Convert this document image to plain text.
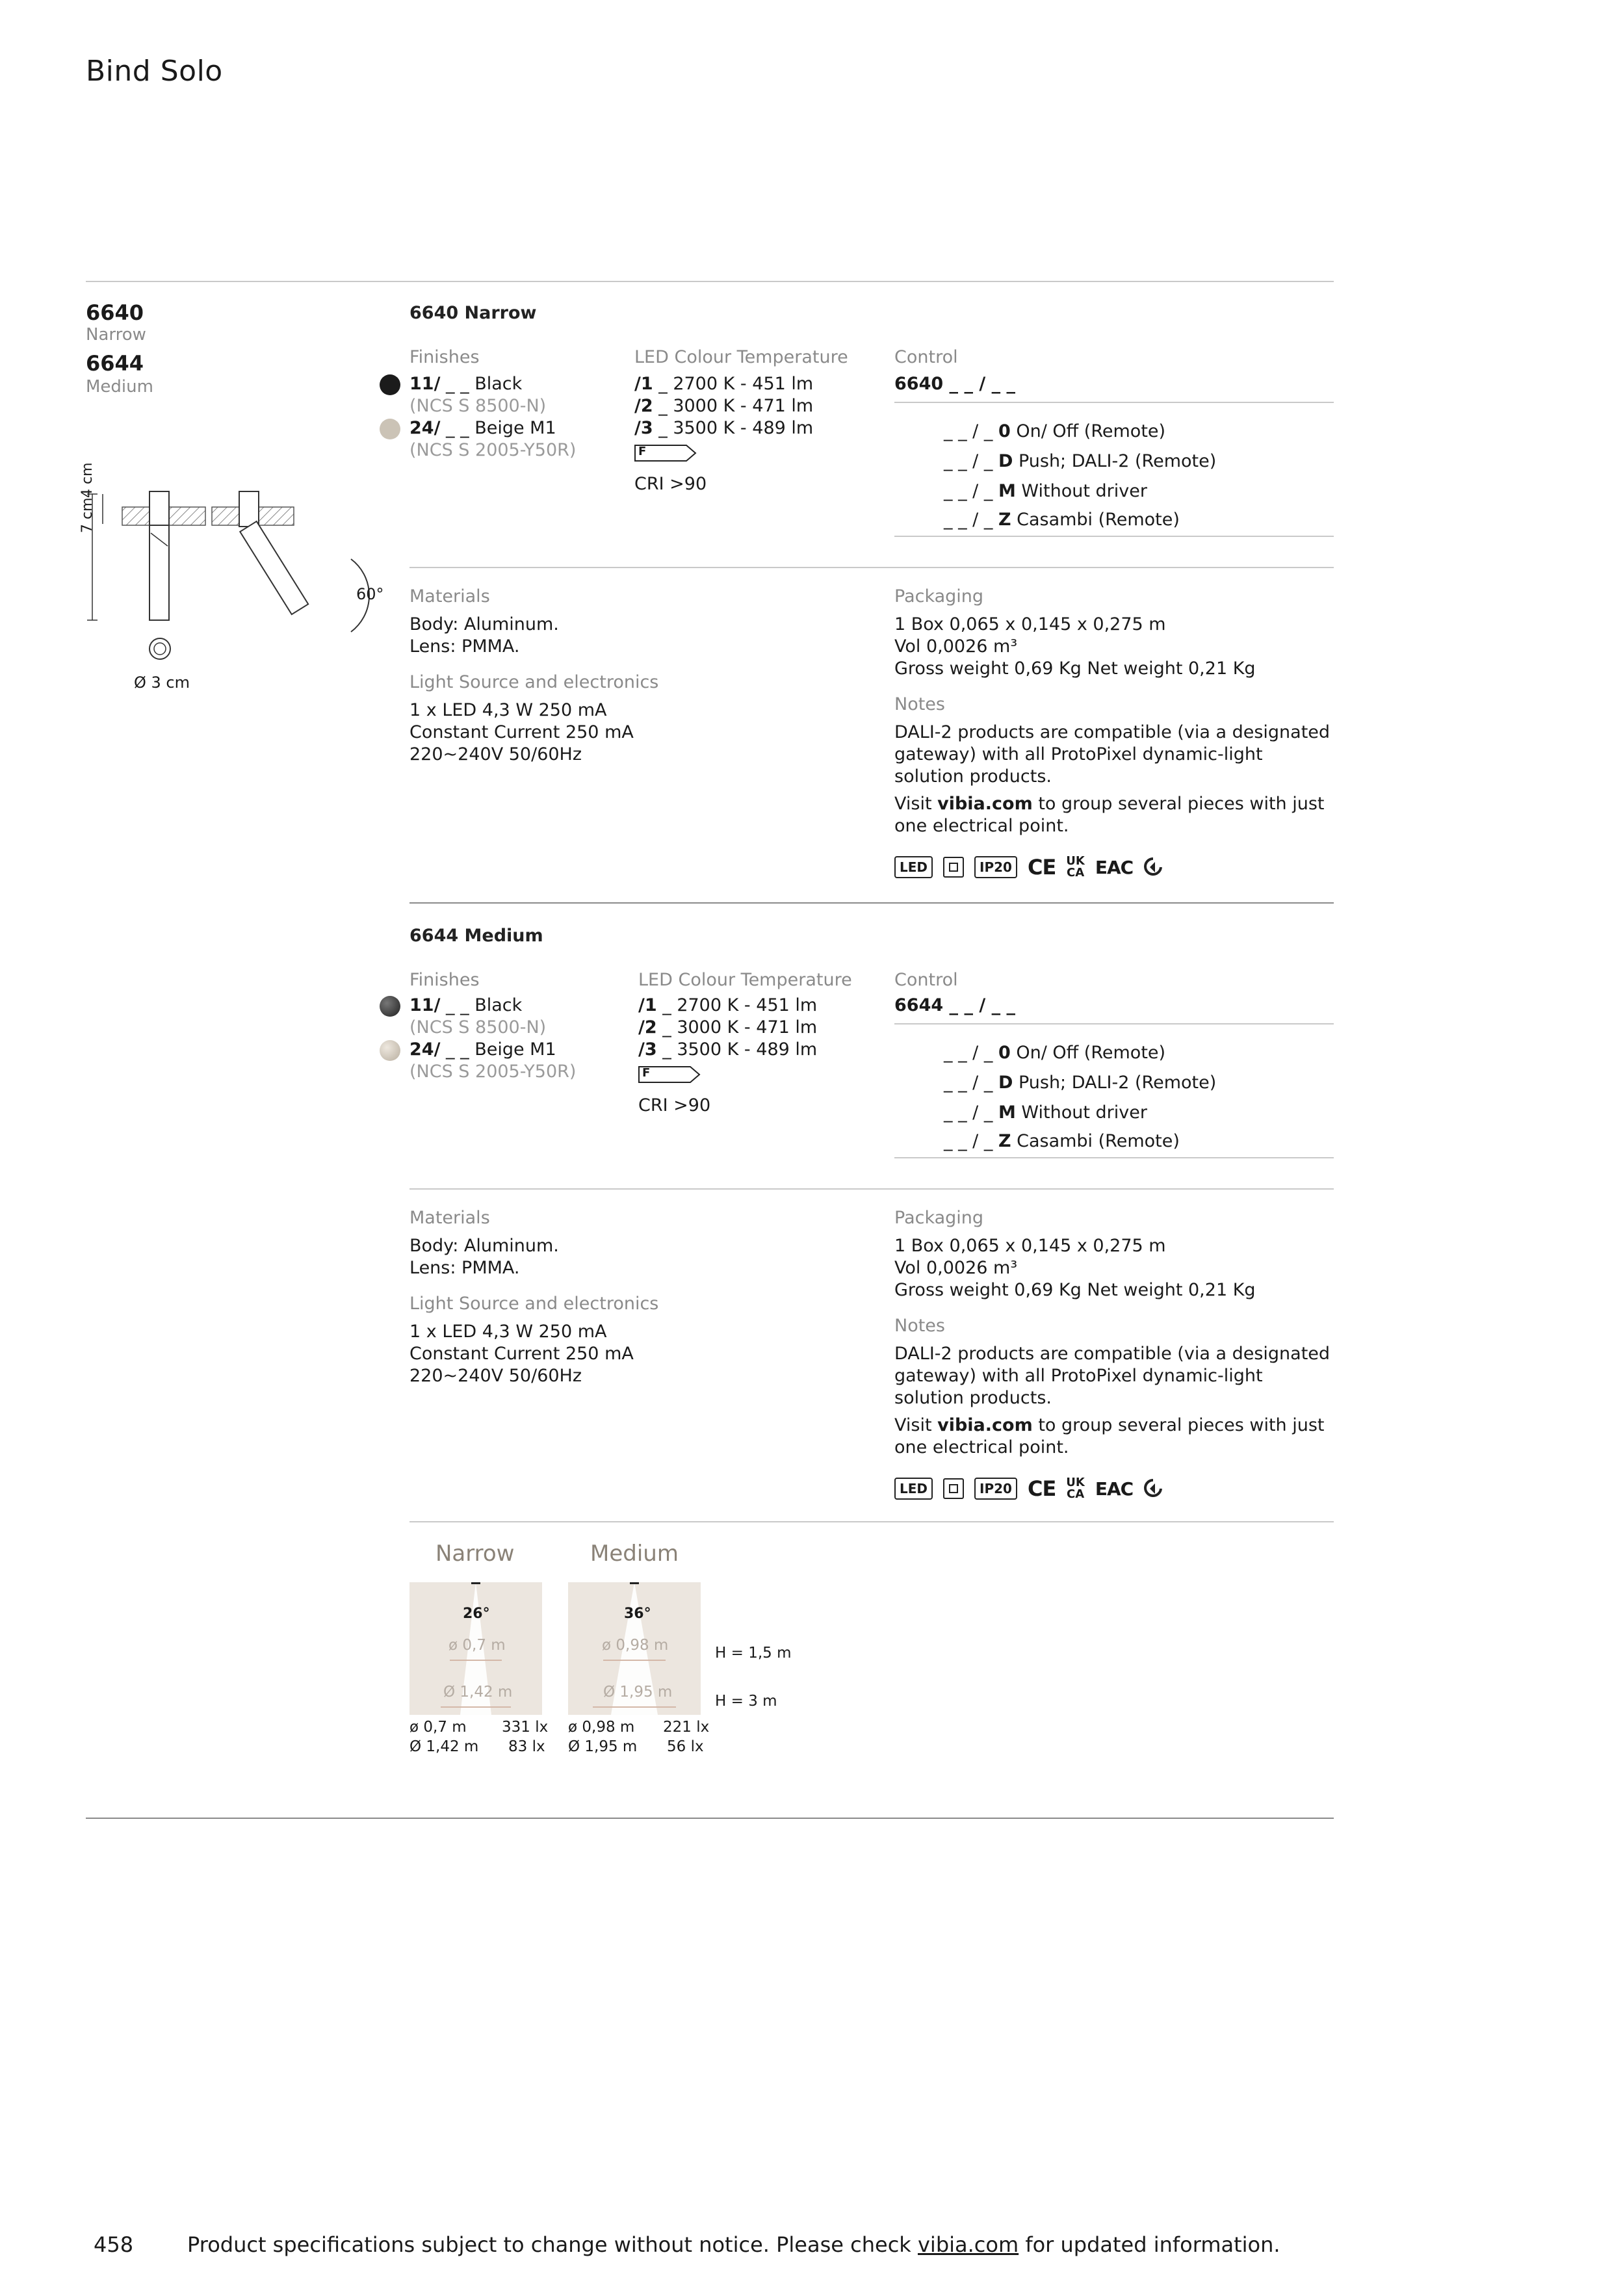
Bind Solo
6640
Narrow
6644
Medium
7 cm
4 cm
60°
Ø 3 cm
6640 Narrow
Finishes
11/ _ _ Black
(NCS S 8500-N)
24/ _ _ Beige M1
(NCS S 2005-Y50R)
LED Colour Temperature
/1 _ 2700 K - 451 lm
/2 _ 3000 K - 471 lm
/3 _ 3500 K - 489 lm
F
CRI >90
Control
6640 _ _ / _ _
_ _ / _ 0 On/ Off (Remote)
_ _ / _ D Push; DALI-2 (Remote)
_ _ / _ M Without driver
_ _ / _ Z Casambi (Remote)
Materials
Body: Aluminum.
Lens: PMMA.
Light Source and electronics
1 x LED 4,3 W 250 mA
Constant Current 250 mA
220~240V 50/60Hz
Packaging
1 Box 0,065 x 0,145 x 0,275 m
Vol 0,0026 m³
Gross weight 0,69 Kg Net weight 0,21 Kg
Notes
DALI-2 products are compatible (via a designated gateway) with all ProtoPixel dynamic-light solution products.
Visit vibia.com to group several pieces with just one electrical point.
LED	IP20 CE UK
CA EAC
6644 Medium
Finishes
11/ _ _ Black
(NCS S 8500-N)
24/ _ _ Beige M1
(NCS S 2005-Y50R)
LED Colour Temperature
/1 _ 2700 K - 451 lm
/2 _ 3000 K - 471 lm
/3 _ 3500 K - 489 lm
F
CRI >90
Control
6644 _ _ / _ _
_ _ / _ 0 On/ Off (Remote)
_ _ / _ D Push; DALI-2 (Remote)
_ _ / _ M Without driver
_ _ / _ Z Casambi (Remote)
Materials
Body: Aluminum.
Lens: PMMA.
Light Source and electronics
1 x LED 4,3 W 250 mA
Constant Current 250 mA
220~240V 50/60Hz
Packaging
1 Box 0,065 x 0,145 x 0,275 m
Vol 0,0026 m³
Gross weight 0,69 Kg Net weight 0,21 Kg
Notes
DALI-2 products are compatible (via a designated gateway) with all ProtoPixel dynamic-light solution products.
Visit vibia.com to group several pieces with just one electrical point.
LED	IP20 CE UK
CA EAC
Narrow	Medium
26°
ø 0,7 m
Ø 1,42 m
36°
ø 0,98 m
Ø 1,95 m
H = 1,5 m
H = 3 m
ø 0,7 m 331 lx
Ø 1,42 m 83 lx
ø 0,98 m 221 lx
Ø 1,95 m 56 lx
458	Product specifications subject to change without notice. Please check vibia.com for updated information.
